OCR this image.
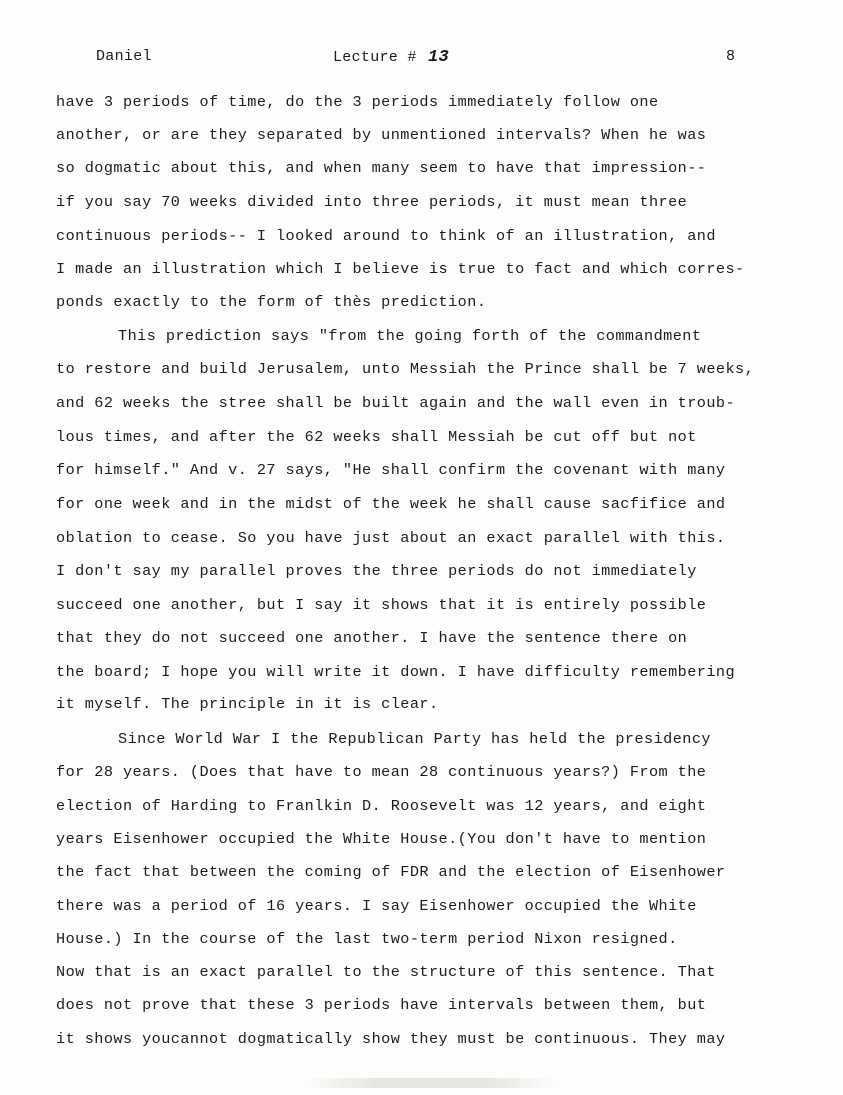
Daniel	Lecture # 13	8
have 3 periods of time, do the 3 periods immediately follow one
another, or are they separated by unmentioned intervals? When he was
so dogmatic about this, and when many seem to have that impression--
if you say 70 weeks divided into three periods, it must mean three
continuous periods-- I looked around to think of an illustration, and
I made an illustration which I believe is true to fact and which corres-
ponds exactly to the form of thès prediction.
This prediction says "from the going forth of the commandment
to restore and build Jerusalem, unto Messiah the Prince shall be 7 weeks,
and 62 weeks the stree shall be built again and the wall even in troub-
lous times, and after the 62 weeks shall Messiah be cut off but not
for himself." And v. 27 says, "He shall confirm the covenant with many
for one week and in the midst of the week he shall cause sacfifice and
oblation to cease. So you have just about an exact parallel with this.
I don't say my parallel proves the three periods do not immediately
succeed one another, but I say it shows that it is entirely possible
that they do not succeed one another. I have the sentence there on
the board; I hope you will write it down. I have difficulty remembering
it myself. The principle in it is clear.
Since World War I the Republican Party has held the presidency
for 28 years. (Does that have to mean 28 continuous years?) From the
election of Harding to Franlkin D. Roosevelt was 12 years, and eight
years Eisenhower occupied the White House.(You don't have to mention
the fact that between the coming of FDR and the election of Eisenhower
there was a period of 16 years. I say Eisenhower occupied the White
House.) In the course of the last two-term period Nixon resigned.
Now that is an exact parallel to the structure of this sentence. That
does not prove that these 3 periods have intervals between them, but
it shows youcannot dogmatically show they must be continuous. They may
